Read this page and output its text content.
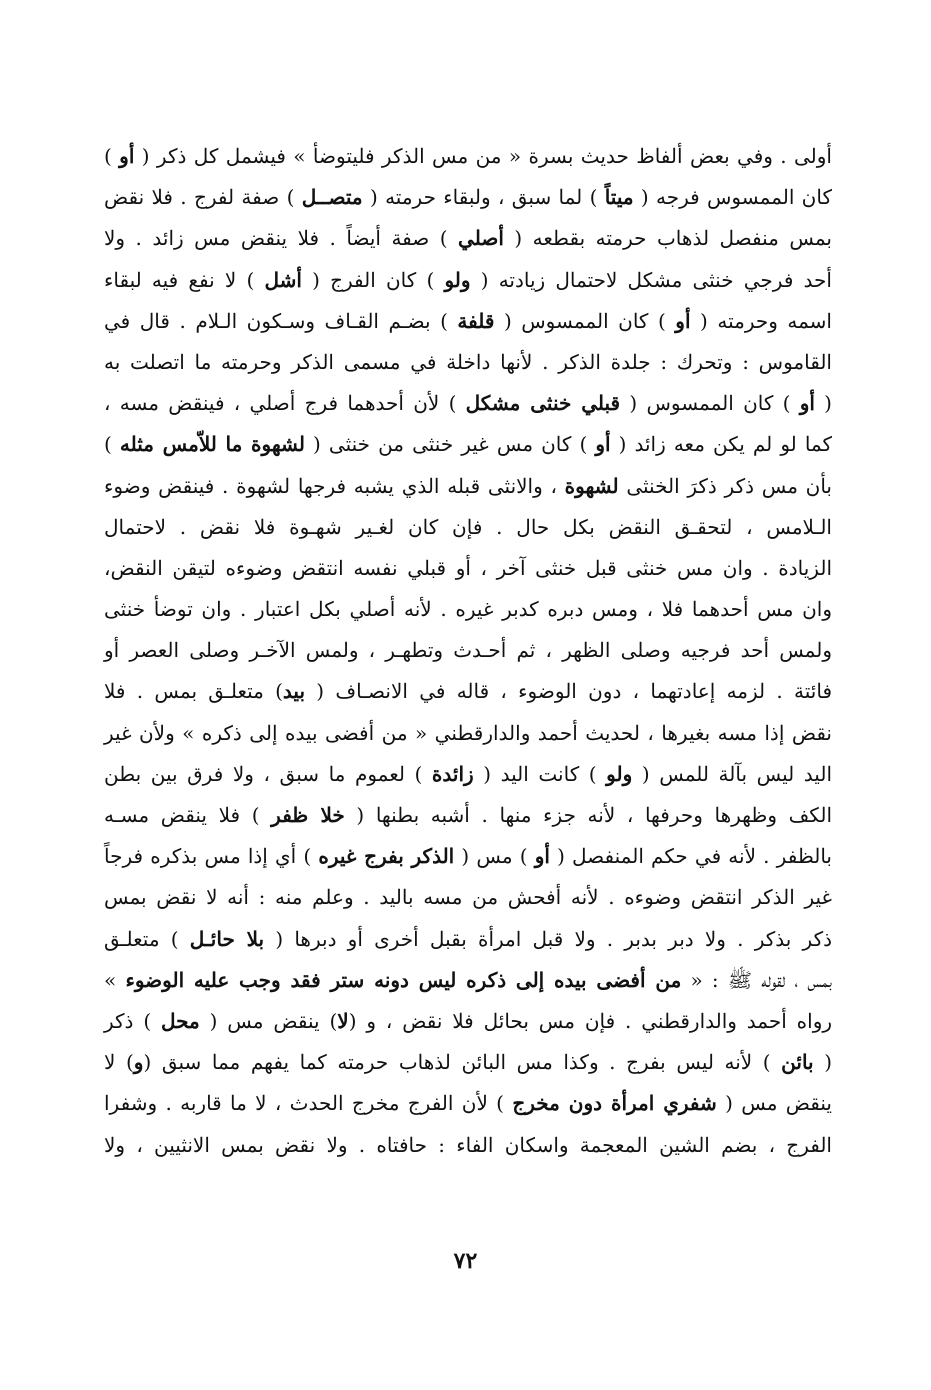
أولى . وفي بعض ألفاظ حديث بسرة « من مس الذكر فليتوضأ » فيشمل كل ذكر ( أو )
كان الممسوس فرجه ( ميتاً ) لما سبق ، ولبقاء حرمته ( متصــل ) صفة لفرج . فلا نقض
بمس منفصل لذهاب حرمته بقطعه ( أصلي ) صفة أيضاً . فلا ينقض مس زائد . ولا
أحد فرجي خنثى مشكل لاحتمال زيادته ( ولو ) كان الفرج ( أشل ) لا نفع فيه لبقاء
اسمه وحرمته ( أو ) كان الممسوس ( قلفة ) بضـم القـاف وسـكون الـلام . قال في
القاموس : وتحرك : جلدة الذكر . لأنها داخلة في مسمى الذكر وحرمته ما اتصلت به
( أو ) كان الممسوس ( قبلي خنثى مشكل ) لأن أحدهما فرج أصلي ، فينقض مسه ،
كما لو لم يكن معه زائد ( أو ) كان مس غير خنثى من خنثى ( لشهوة ما للاّمس مثله )
بأن مس ذكر ذكرَ الخنثى لشهوة ، والانثى قبله الذي يشبه فرجها لشهوة . فينقض وضوء
الـلامس ، لتحقـق النقض بكل حال . فإن كان لغـير شهـوة فلا نقض . لاحتمال
الزيادة . وان مس خنثى قبل خنثى آخر ، أو قبلي نفسه انتقض وضوءه لتيقن النقض،
وان مس أحدهما فلا ، ومس دبره كدبر غيره . لأنه أصلي بكل اعتبار . وان توضأ خنثى
ولمس أحد فرجيه وصلى الظهر ، ثم أحـدث وتطهـر ، ولمس الآخـر وصلى العصر أو
فائتة . لزمه إعادتهما ، دون الوضوء ، قاله في الانصـاف ( بيد) متعلـق بمس . فلا
نقض إذا مسه بغيرها ، لحديث أحمد والدارقطني « من أفضى بيده إلى ذكره » ولأن غير
اليد ليس بآلة للمس ( ولو ) كانت اليد ( زائدة ) لعموم ما سبق ، ولا فرق بين بطن
الكف وظهرها وحرفها ، لأنه جزء منها . أشبه بطنها ( خلا ظفر ) فلا ينقض مسـه
بالظفر . لأنه في حكم المنفصل ( أو ) مس ( الذكر بفرج غيره ) أي إذا مس بذكره فرجاً
غير الذكر انتقض وضوءه . لأنه أفحش من مسه باليد . وعلم منه : أنه لا نقض بمس
ذكر بذكر . ولا دبر بدبر . ولا قبل امرأة بقبل أخرى أو دبرها ( بلا حائـل ) متعلـق
بمس ، لقوله ﷺ : « من أفضى بيده إلى ذكره ليس دونه ستر فقد وجب عليه الوضوء »
رواه أحمد والدارقطني . فإن مس بحائل فلا نقض ، و (لا) ينقض مس ( محل ) ذكر
( بائن ) لأنه ليس بفرج . وكذا مس البائن لذهاب حرمته كما يفهم مما سبق (و) لا
ينقض مس ( شفري امرأة دون مخرج ) لأن الفرج مخرج الحدث ، لا ما قاربه . وشفرا
الفرج ، بضم الشين المعجمة واسكان الفاء : حافتاه . ولا نقض بمس الانثيين ، ولا
٧٢
